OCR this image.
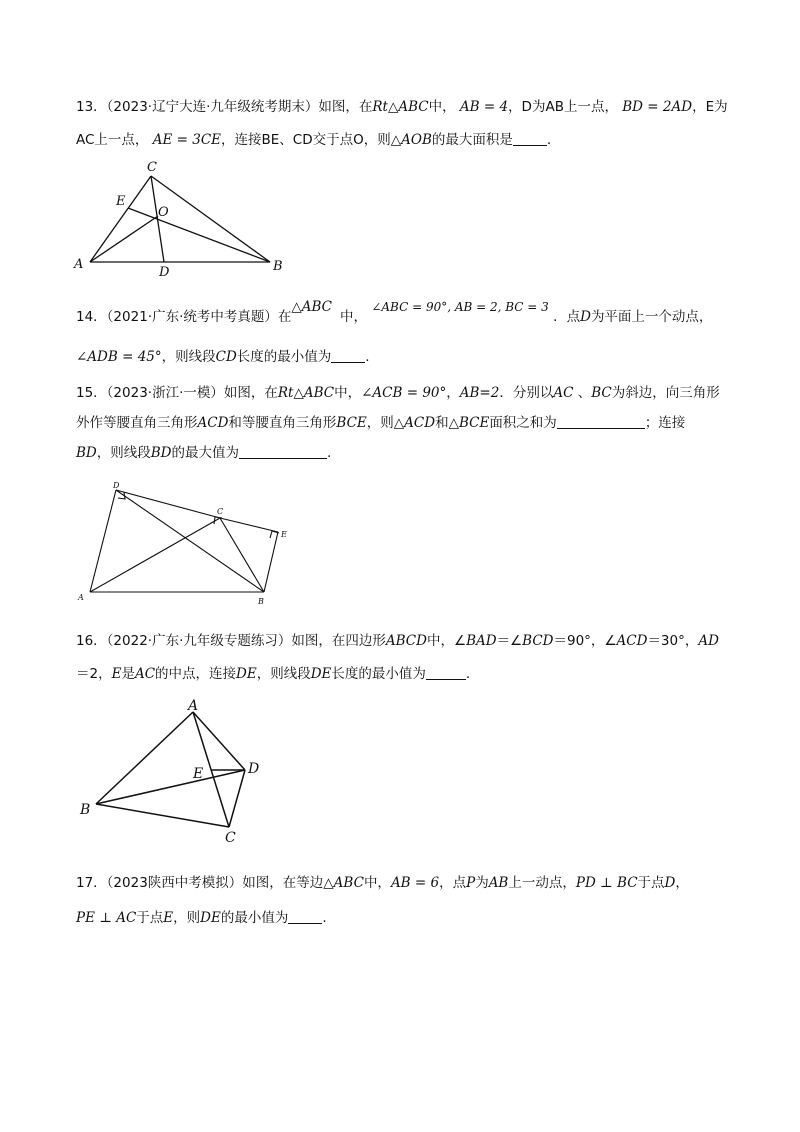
13．（2023·辽宁大连·九年级统考期末）如图，在Rt△ABC中， AB = 4，D为AB上一点， BD = 2AD，E为
AC上一点， AE = 3CE，连接BE、CD交于点O，则△AOB的最大面积是	.
A	B
C
D
E
O
14．（2021·广东·统考中考真题）在△ABC中， ∠ABC = 90°, AB = 2, BC = 3 ．点D为平面上一个动点，
∠ADB = 45°，则线段CD长度的最小值为	.
15．（2023·浙江·一模）如图，在Rt△ABC中，∠ACB = 90°，AB=2．分别以AC 、BC为斜边，向三角形
外作等腰直角三角形ACD和等腰直角三角形BCE，则△ACD和△BCE面积之和为	；连接
BD，则线段BD的最大值为	.
A	B
C
D
E
16．（2022·广东·九年级专题练习）如图，在四边形ABCD中，∠BAD＝∠BCD＝90°，∠ACD＝30°，AD
＝2，E是AC的中点，连接DE，则线段DE长度的最小值为	.
A
B
C
D
E
17．（2023陕西中考模拟）如图，在等边△ABC中，AB = 6，点P为AB上一动点，PD ⊥ BC于点D，
PE ⊥ AC于点E，则DE的最小值为	.
